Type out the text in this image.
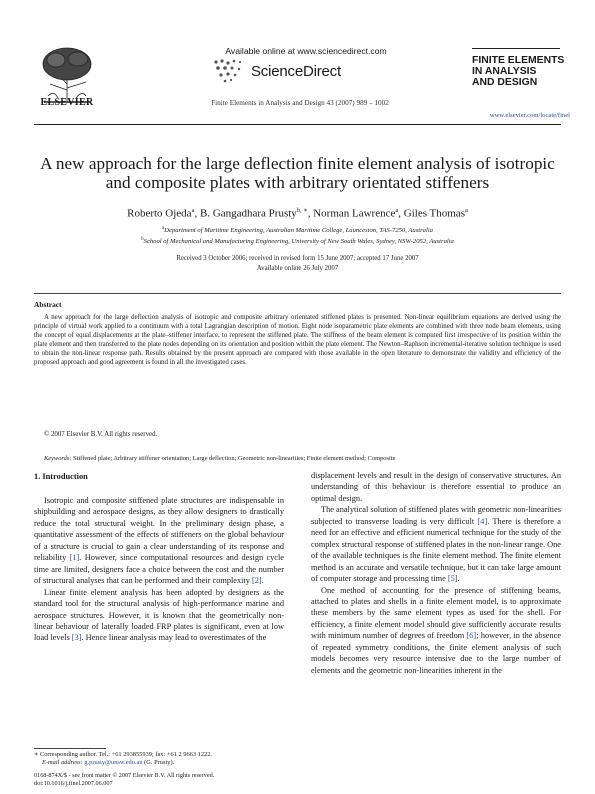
ELSEVIER
Available online at www.sciencedirect.com
ScienceDirect
Finite Elements in Analysis and Design 43 (2007) 989 – 1002
FINITE ELEMENTS
IN ANALYSIS
AND DESIGN
www.elsevier.com/locate/finel
A new approach for the large deflection finite element analysis of isotropic
and composite plates with arbitrary orientated stiffeners
Roberto Ojeda$^a$, B. Gangadhara Prusty$^{b, ∗}$, Norman Lawrence$^a$, Giles Thomas$^a$
$^a$Department of Maritime Engineering, Australian Maritime College, Launceston, TAS-7250, Australia
$^b$School of Mechanical and Manufacturing Engineering, University of New South Wales, Sydney, NSW-2052, Australia
Received 3 October 2006; received in revised form 15 June 2007; accepted 17 June 2007
Available online 26 July 2007
Abstract
A new approach for the large deflection analysis of isotropic and composite arbitrary orientated stiffened plates is presented. Non-linear equilibrium equations are derived using the principle of virtual work applied to a continuum with a total Lagrangian description of motion. Eight node isoparametric plate elements are combined with three node beam elements, using the concept of equal displacements at the plate–stiffener interface, to represent the stiffened plate. The stiffness of the beam element is computed first irrespective of its position within the plate element and then transferred to the plate nodes depending on its orientation and position within the plate element. The Newton–Raphson incremental-iterative solution technique is used to obtain the non-linear response path. Results obtained by the present approach are compared with those available in the open literature to demonstrate the validity and efficiency of the proposed approach and good agreement is found in all the investigated cases.
© 2007 Elsevier B.V. All rights reserved.
Keywords: Stiffened plate; Arbitrary stiffener orientation; Large deflection; Geometric non-linearities; Finite element method; Composite
1. Introduction

Isotropic and composite stiffened plate structures are indispensable in shipbuilding and aerospace designs, as they allow designers to drastically reduce the total structural weight. In the preliminary design phase, a quantitative assessment of the effects of stiffeners on the global behaviour of a structure is crucial to gain a clear understanding of its response and reliability [1]. However, since computational resources and design cycle time are limited, designers face a choice between the cost and the number of structural analyses that can be performed and their complexity [2].

Linear finite element analysis has been adopted by designers as the standard tool for the structural analysis of high-performance marine and aerospace structures. However, it is known that the geometrically non-linear behaviour of laterally loaded FRP plates is significant, even at low load levels [3]. Hence linear analysis may lead to overestimates of the

displacement levels and result in the design of conservative structures. An understanding of this behaviour is therefore essential to produce an optimal design.

The analytical solution of stiffened plates with geometric non-linearities subjected to transverse loading is very difficult [4]. There is therefore a need for an effective and efficient numerical technique for the study of the complex structural response of stiffened plates in the non-linear range. One of the available techniques is the finite element method. The finite element method is an accurate and versatile technique, but it can take large amount of computer storage and processing time [5].

One method of accounting for the presence of stiffening beams, attached to plates and shells in a finite element model, is to approximate these members by the same element types as used for the shell. For efficiency, a finite element model should give sufficiently accurate results with minimum number of degrees of freedom [6]; however, in the absence of repeated symmetry conditions, the finite element analysis of such models becomes very resource intensive due to the large number of elements and the geometric non-linearities inherent in the

∗ Corresponding author. Tel.: +61 293855939; fax: +61 2 9663 1222.
E-mail address: g.prusty@unsw.edu.au (G. Prusty).
0168-874X/$ - see front matter © 2007 Elsevier B.V. All rights reserved.
doi:10.1016/j.finel.2007.06.007
